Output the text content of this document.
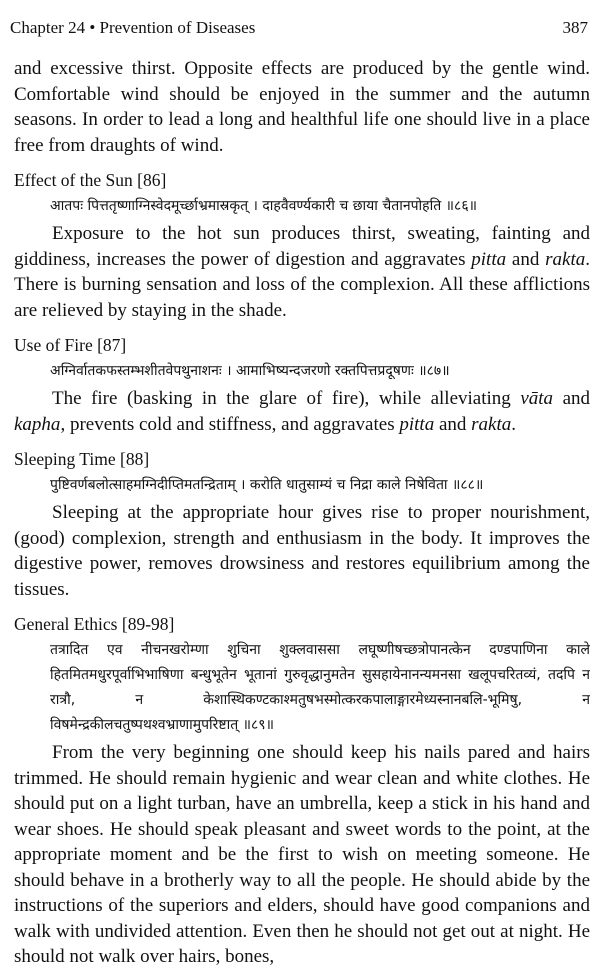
Chapter 24 • Prevention of Diseases	387

and excessive thirst. Opposite effects are produced by the gentle wind. Comfortable wind should be enjoyed in the summer and the autumn seasons. In order to lead a long and healthful life one should live in a place free from draughts of wind.

Effect of the Sun [86]
आतपः पित्ततृष्णाग्निस्वेदमूर्च्छाभ्रमास्रकृत् । दाहवैवर्ण्यकारी च छाया चैतानपोहति ॥८६॥

Exposure to the hot sun produces thirst, sweating, fainting and giddiness, increases the power of digestion and aggravates pitta and rakta. There is burning sensation and loss of the complexion. All these afflictions are relieved by staying in the shade.

Use of Fire [87]
अग्निर्वातकफस्तम्भशीतवेपथुनाशनः । आमाभिष्यन्दजरणो रक्तपित्तप्रदूषणः ॥८७॥

The fire (basking in the glare of fire), while alleviating vāta and kapha, prevents cold and stiffness, and aggravates pitta and rakta.

Sleeping Time [88]
पुष्टिवर्णबलोत्साहमग्निदीप्तिमतन्द्रिताम् । करोति धातुसाम्यं च निद्रा काले निषेविता ॥८८॥

Sleeping at the appropriate hour gives rise to proper nourishment, (good) complexion, strength and enthusiasm in the body. It improves the digestive power, removes drowsiness and restores equilibrium among the tissues.

General Ethics [89-98]
तत्रादित एव नीचनखरोम्णा शुचिना शुक्लवाससा लघूष्णीषच्छत्रोपानत्केन दण्डपाणिना काले हितमितमधुरपूर्वाभिभाषिणा बन्धुभूतेन भूतानां गुरुवृद्धानुमतेन सुसहायेनानन्यमनसा खलूपचरितव्यं, तदपि न रात्रौ, न केशास्थिकण्टकाश्मतुषभस्मोत्करकपालाङ्गारमेध्यस्नानबलि-भूमिषु, न विषमेन्द्रकीलचतुष्पथश्वभ्राणामुपरिष्टात् ॥८९॥

From the very beginning one should keep his nails pared and hairs trimmed. He should remain hygienic and wear clean and white clothes. He should put on a light turban, have an umbrella, keep a stick in his hand and wear shoes. He should speak pleasant and sweet words to the point, at the appropriate moment and be the first to wish on meeting someone. He should behave in a brotherly way to all the people. He should abide by the instructions of the superiors and elders, should have good companions and walk with undivided attention. Even then he should not get out at night. He should not walk over hairs, bones,
